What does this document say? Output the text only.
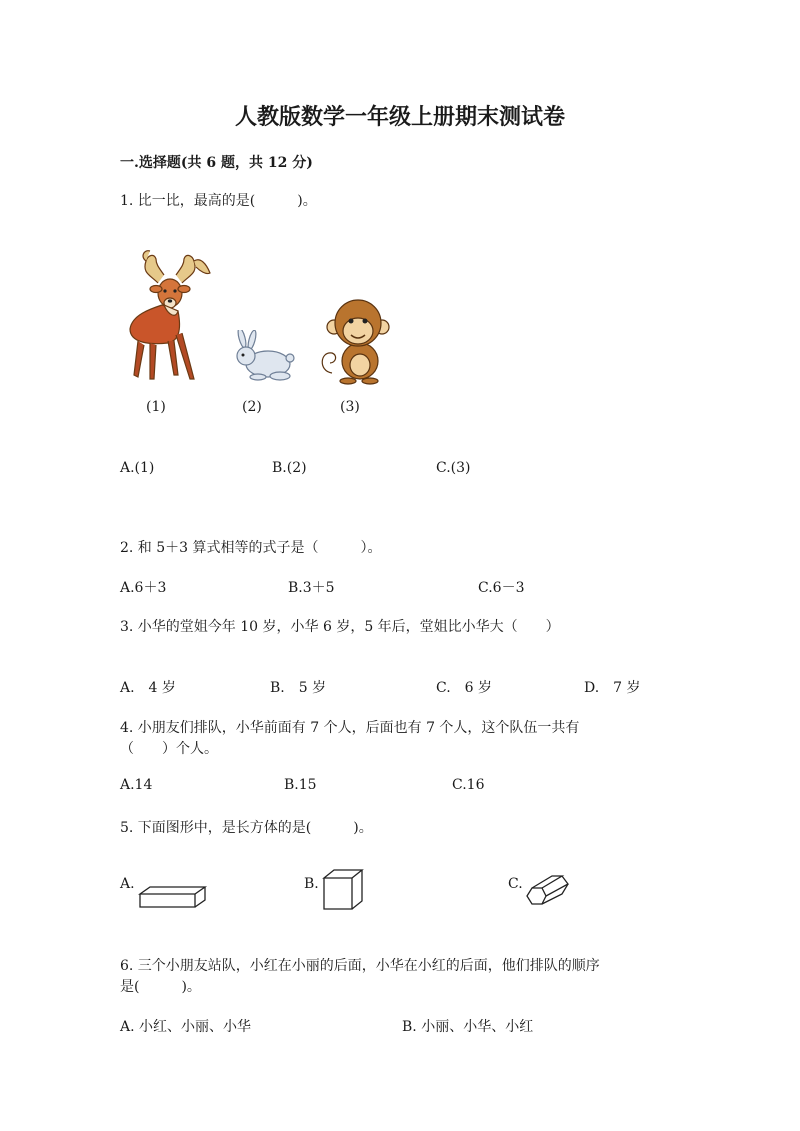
人教版数学一年级上册期末测试卷
一.选择题(共 6 题，共 12 分)
1. 比一比，最高的是(　　　)。
(1)	(2)	(3)
A.(1)	B.(2)	C.(3)
2. 和 5＋3 算式相等的式子是（　　　）。
A.6＋3	B.3＋5	C.6－3
3. 小华的堂姐今年 10 岁，小华 6 岁，5 年后，堂姐比小华大（　　）
A.　4 岁	B.　5 岁	C.　6 岁	D.　7 岁
4. 小朋友们排队，小华前面有 7 个人，后面也有 7 个人，这个队伍一共有
（　　）个人。
A.14	B.15	C.16
5. 下面图形中，是长方体的是(　　　)。
A.	B.	C.
6. 三个小朋友站队，小红在小丽的后面，小华在小红的后面，他们排队的顺序
是(　　　)。
A. 小红、小丽、小华	B. 小丽、小华、小红
